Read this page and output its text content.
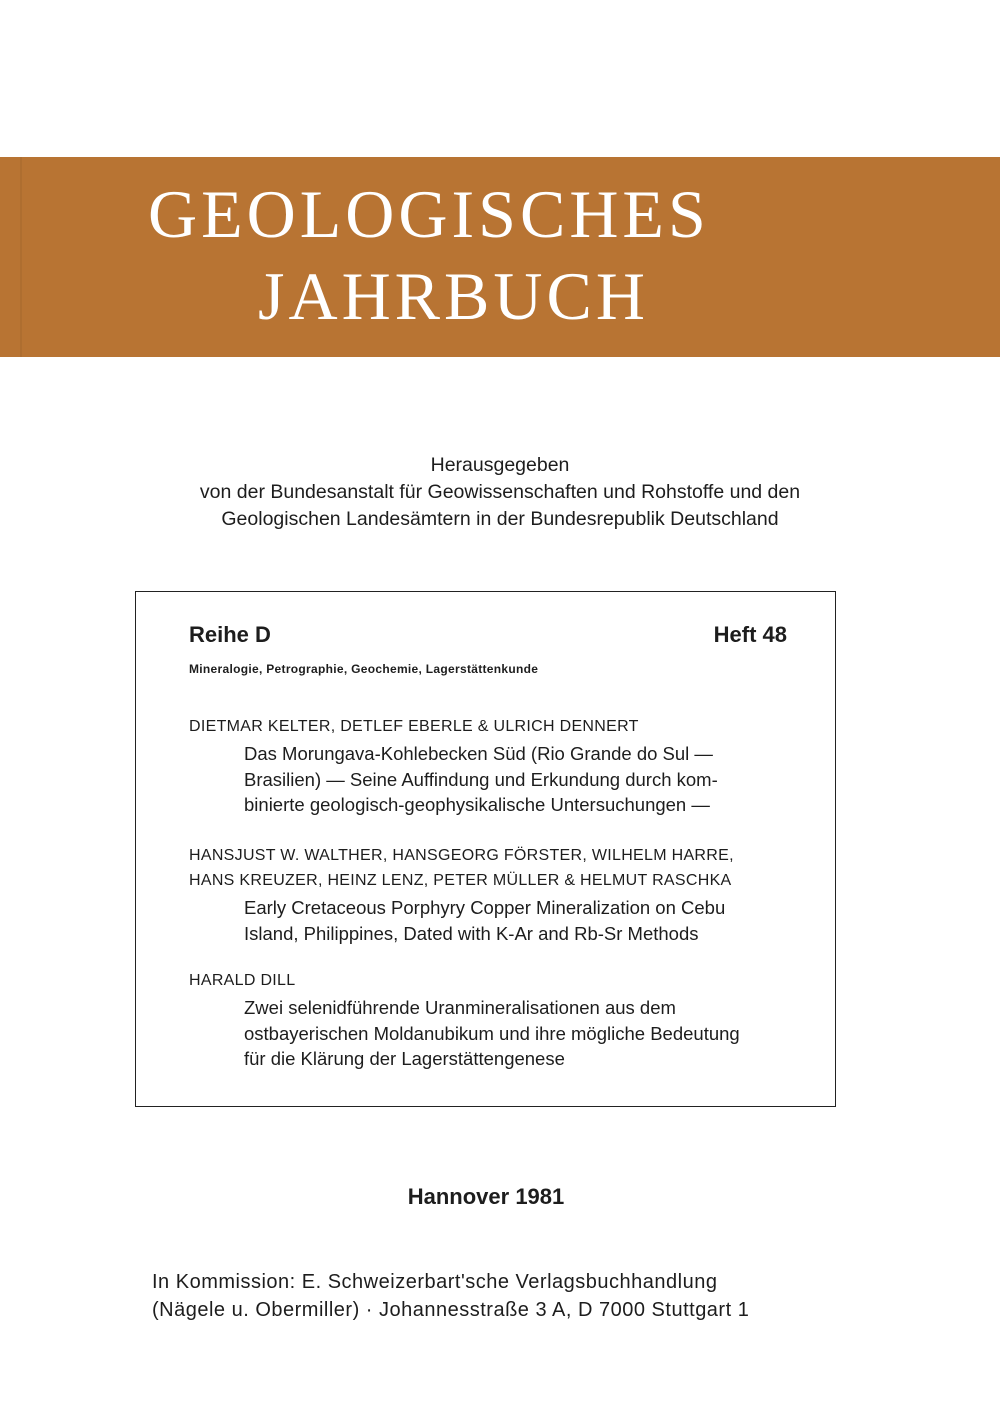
GEOLOGISCHES
JAHRBUCH
Herausgegeben
von der Bundesanstalt für Geowissenschaften und Rohstoffe und den
Geologischen Landesämtern in der Bundesrepublik Deutschland
Reihe D	Heft 48
Mineralogie, Petrographie, Geochemie, Lagerstättenkunde
DIETMAR KELTER, DETLEF EBERLE & ULRICH DENNERT
Das Morungava-Kohlebecken Süd (Rio Grande do Sul —
Brasilien) — Seine Auffindung und Erkundung durch kom-
binierte geologisch-geophysikalische Untersuchungen —
HANSJUST W. WALTHER, HANSGEORG FÖRSTER, WILHELM HARRE,
HANS KREUZER, HEINZ LENZ, PETER MÜLLER & HELMUT RASCHKA
Early Cretaceous Porphyry Copper Mineralization on Cebu
Island, Philippines, Dated with K-Ar and Rb-Sr Methods
HARALD DILL
Zwei selenidführende Uranmineralisationen aus dem
ostbayerischen Moldanubikum und ihre mögliche Bedeutung
für die Klärung der Lagerstättengenese
Hannover 1981
In Kommission: E. Schweizerbart'sche Verlagsbuchhandlung
(Nägele u. Obermiller) · Johannesstraße 3 A, D 7000 Stuttgart 1
